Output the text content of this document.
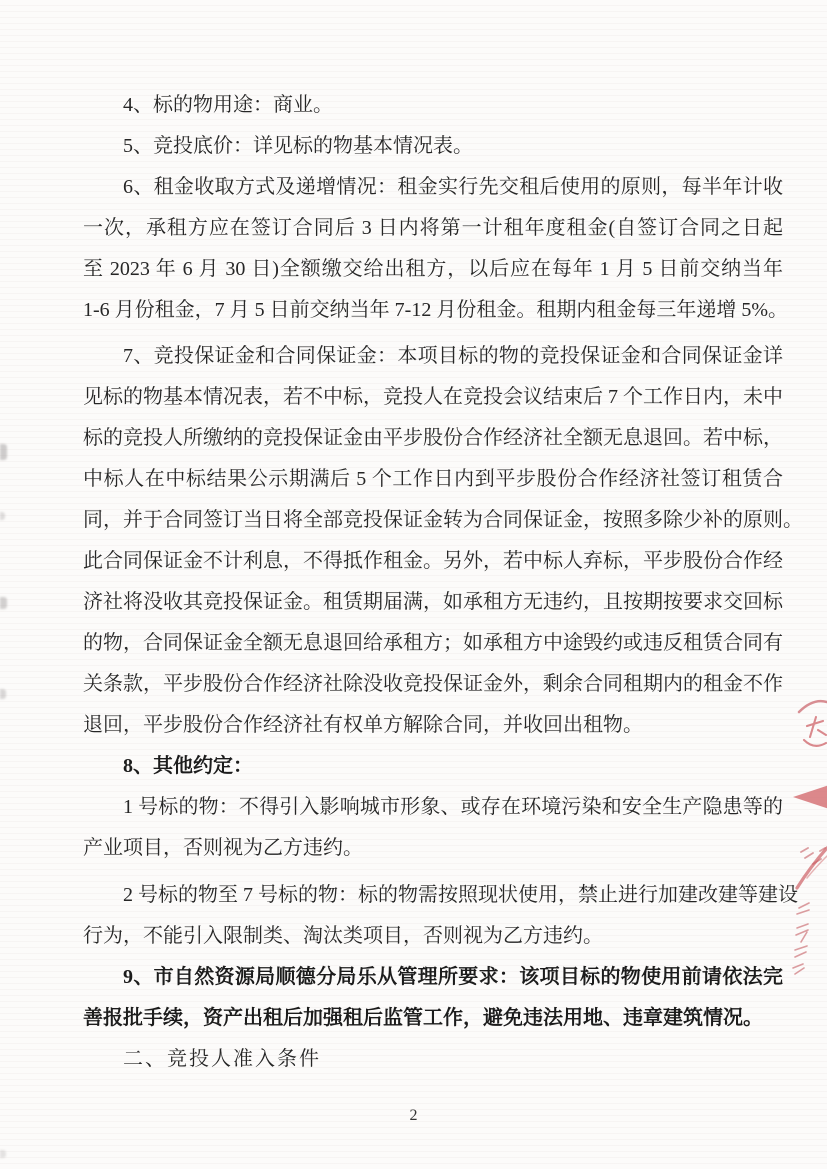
4、标的物用途：商业。
5、竞投底价：详见标的物基本情况表。
6、租金收取方式及递增情况：租金实行先交租后使用的原则，每半年计收
一次，承租方应在签订合同后 3 日内将第一计租年度租金(自签订合同之日起
至 2023 年 6 月 30 日)全额缴交给出租方，以后应在每年 1 月 5 日前交纳当年
1-6 月份租金，7 月 5 日前交纳当年 7-12 月份租金。租期内租金每三年递增 5%。
7、竞投保证金和合同保证金：本项目标的物的竞投保证金和合同保证金详
见标的物基本情况表，若不中标，竞投人在竞投会议结束后 7 个工作日内，未中
标的竞投人所缴纳的竞投保证金由平步股份合作经济社全额无息退回。若中标，
中标人在中标结果公示期满后 5 个工作日内到平步股份合作经济社签订租赁合
同，并于合同签订当日将全部竞投保证金转为合同保证金，按照多除少补的原则。
此合同保证金不计利息，不得抵作租金。另外，若中标人弃标，平步股份合作经
济社将没收其竞投保证金。租赁期届满，如承租方无违约，且按期按要求交回标
的物，合同保证金全额无息退回给承租方；如承租方中途毁约或违反租赁合同有
关条款，平步股份合作经济社除没收竞投保证金外，剩余合同租期内的租金不作
退回，平步股份合作经济社有权单方解除合同，并收回出租物。
8、其他约定：
1 号标的物：不得引入影响城市形象、或存在环境污染和安全生产隐患等的
产业项目，否则视为乙方违约。
2 号标的物至 7 号标的物：标的物需按照现状使用，禁止进行加建改建等建设
行为，不能引入限制类、淘汰类项目，否则视为乙方违约。
9、市自然资源局顺德分局乐从管理所要求：该项目标的物使用前请依法完
善报批手续，资产出租后加强租后监管工作，避免违法用地、违章建筑情况。
二、竞投人准入条件
2
